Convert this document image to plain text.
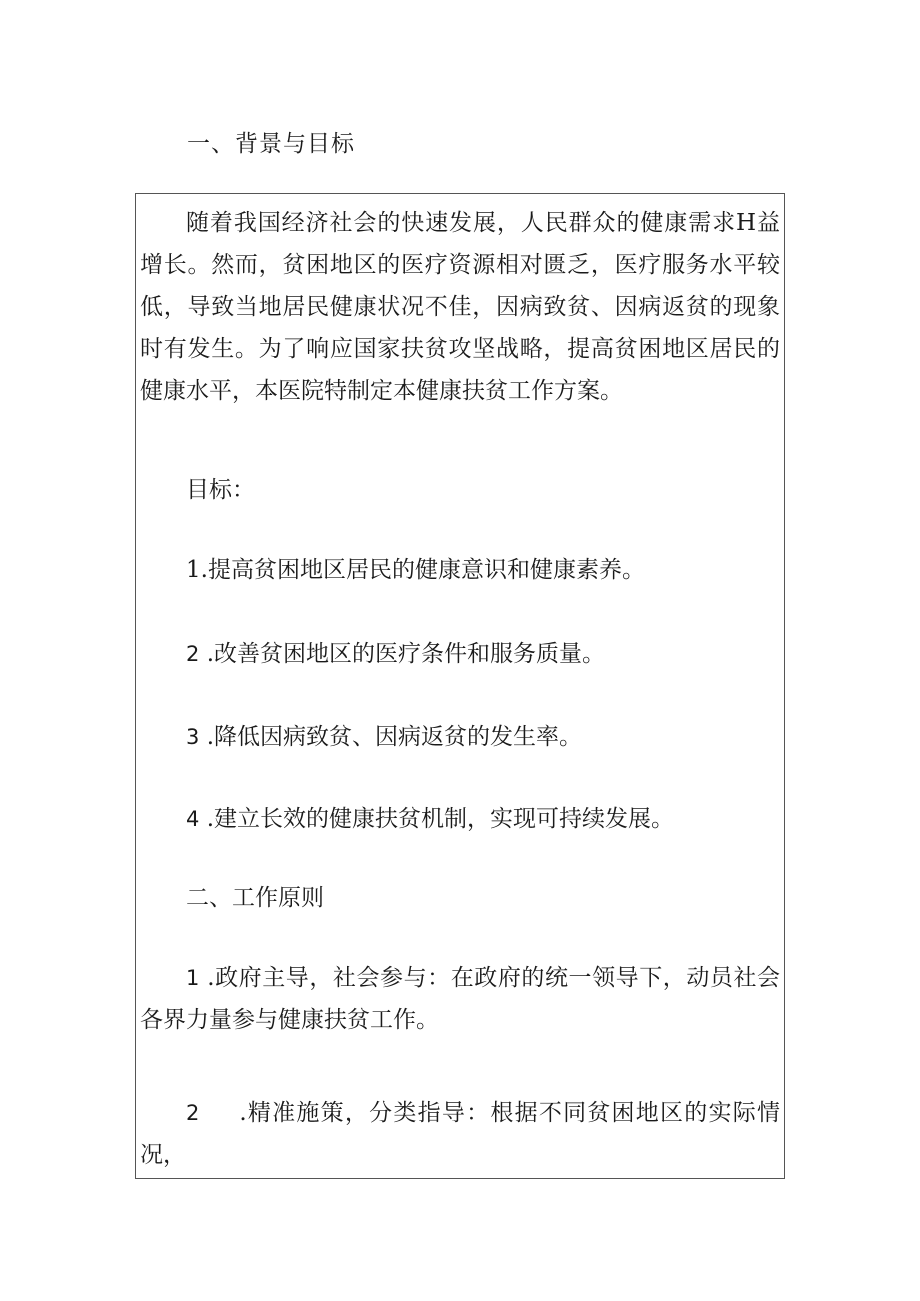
一、背景与目标

随着我国经济社会的快速发展，人民群众的健康需求H益增长。然而，贫困地区的医疗资源相对匮乏，医疗服务水平较低，导致当地居民健康状况不佳，因病致贫、因病返贫的现象时有发生。为了响应国家扶贫攻坚战略，提高贫困地区居民的健康水平，本医院特制定本健康扶贫工作方案。

目标：
1.提高贫困地区居民的健康意识和健康素养。
2 .改善贫困地区的医疗条件和服务质量。
3 .降低因病致贫、因病返贫的发生率。
4 .建立长效的健康扶贫机制，实现可持续发展。
二、工作原则

1 .政府主导，社会参与：在政府的统一领导下，动员社会各界力量参与健康扶贫工作。

2 .精准施策，分类指导：根据不同贫困地区的实际情况，
